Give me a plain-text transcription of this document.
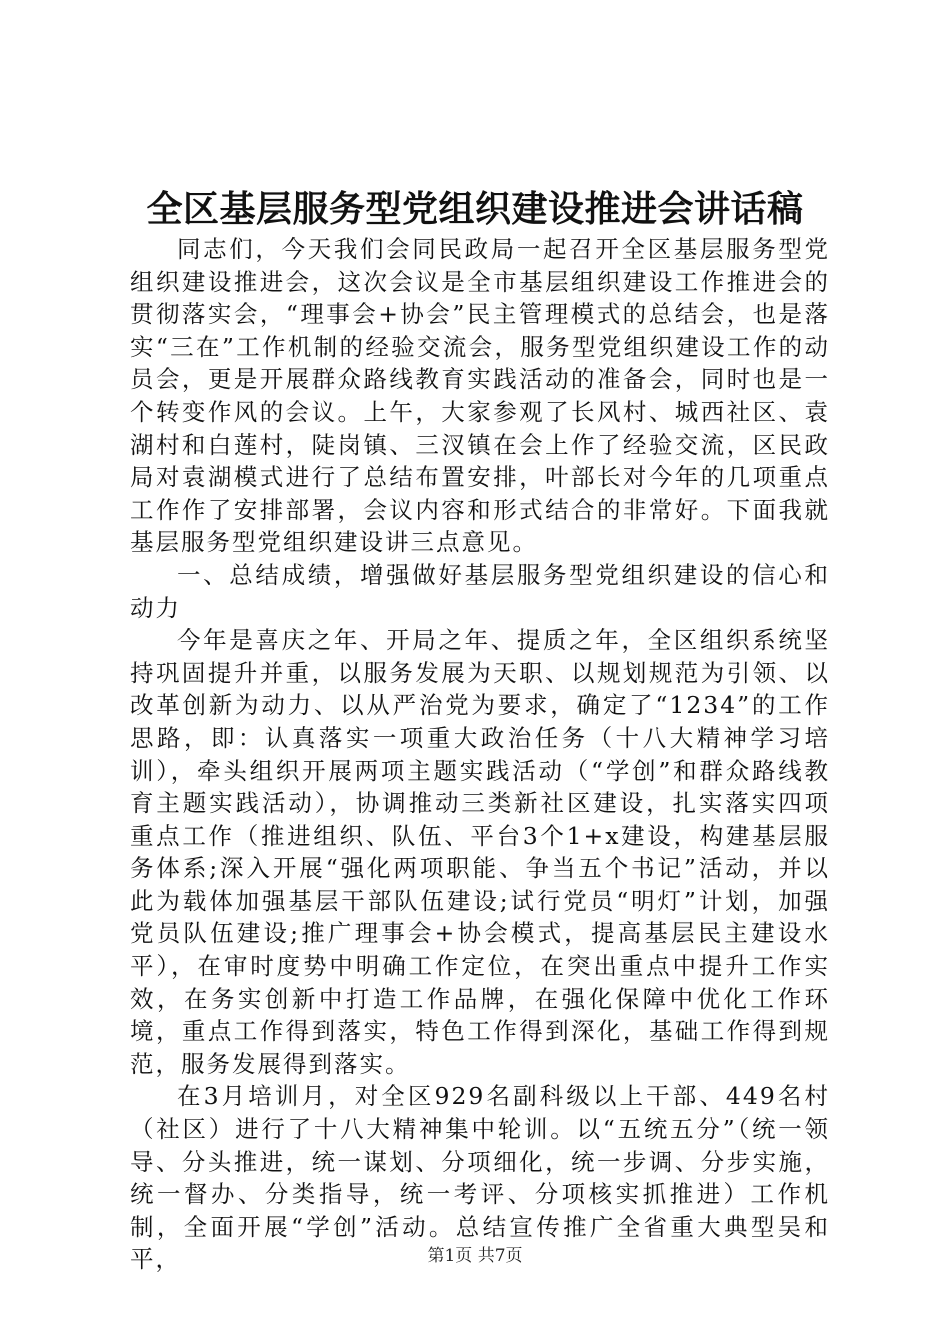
全区基层服务型党组织建设推进会讲话稿

同志们，今天我们会同民政局一起召开全区基层服务型党组织建设推进会，这次会议是全市基层组织建设工作推进会的贯彻落实会，“理事会+协会”民主管理模式的总结会，也是落实“三在”工作机制的经验交流会，服务型党组织建设工作的动员会，更是开展群众路线教育实践活动的准备会，同时也是一个转变作风的会议。上午，大家参观了长风村、城西社区、袁湖村和白莲村，陡岗镇、三汊镇在会上作了经验交流，区民政局对袁湖模式进行了总结布置安排，叶部长对今年的几项重点工作作了安排部署，会议内容和形式结合的非常好。下面我就基层服务型党组织建设讲三点意见。

一、总结成绩，增强做好基层服务型党组织建设的信心和动力

今年是喜庆之年、开局之年、提质之年，全区组织系统坚持巩固提升并重，以服务发展为天职、以规划规范为引领、以改革创新为动力、以从严治党为要求，确定了“1234”的工作思路，即：认真落实一项重大政治任务（十八大精神学习培训），牵头组织开展两项主题实践活动（“学创”和群众路线教育主题实践活动），协调推动三类新社区建设，扎实落实四项重点工作（推进组织、队伍、平台3个1+x建设，构建基层服务体系;深入开展“强化两项职能、争当五个书记”活动，并以此为载体加强基层干部队伍建设;试行党员“明灯”计划，加强党员队伍建设;推广理事会+协会模式，提高基层民主建设水平），在审时度势中明确工作定位，在突出重点中提升工作实效，在务实创新中打造工作品牌，在强化保障中优化工作环境，重点工作得到落实，特色工作得到深化，基础工作得到规范，服务发展得到落实。

在3月培训月，对全区929名副科级以上干部、449名村（社区）进行了十八大精神集中轮训。以“五统五分”（统一领导、分头推进，统一谋划、分项细化，统一步调、分步实施，统一督办、分类指导，统一考评、分项核实抓推进）工作机制，全面开展“学创”活动。总结宣传推广全省重大典型吴和平，	第1页 共7页
